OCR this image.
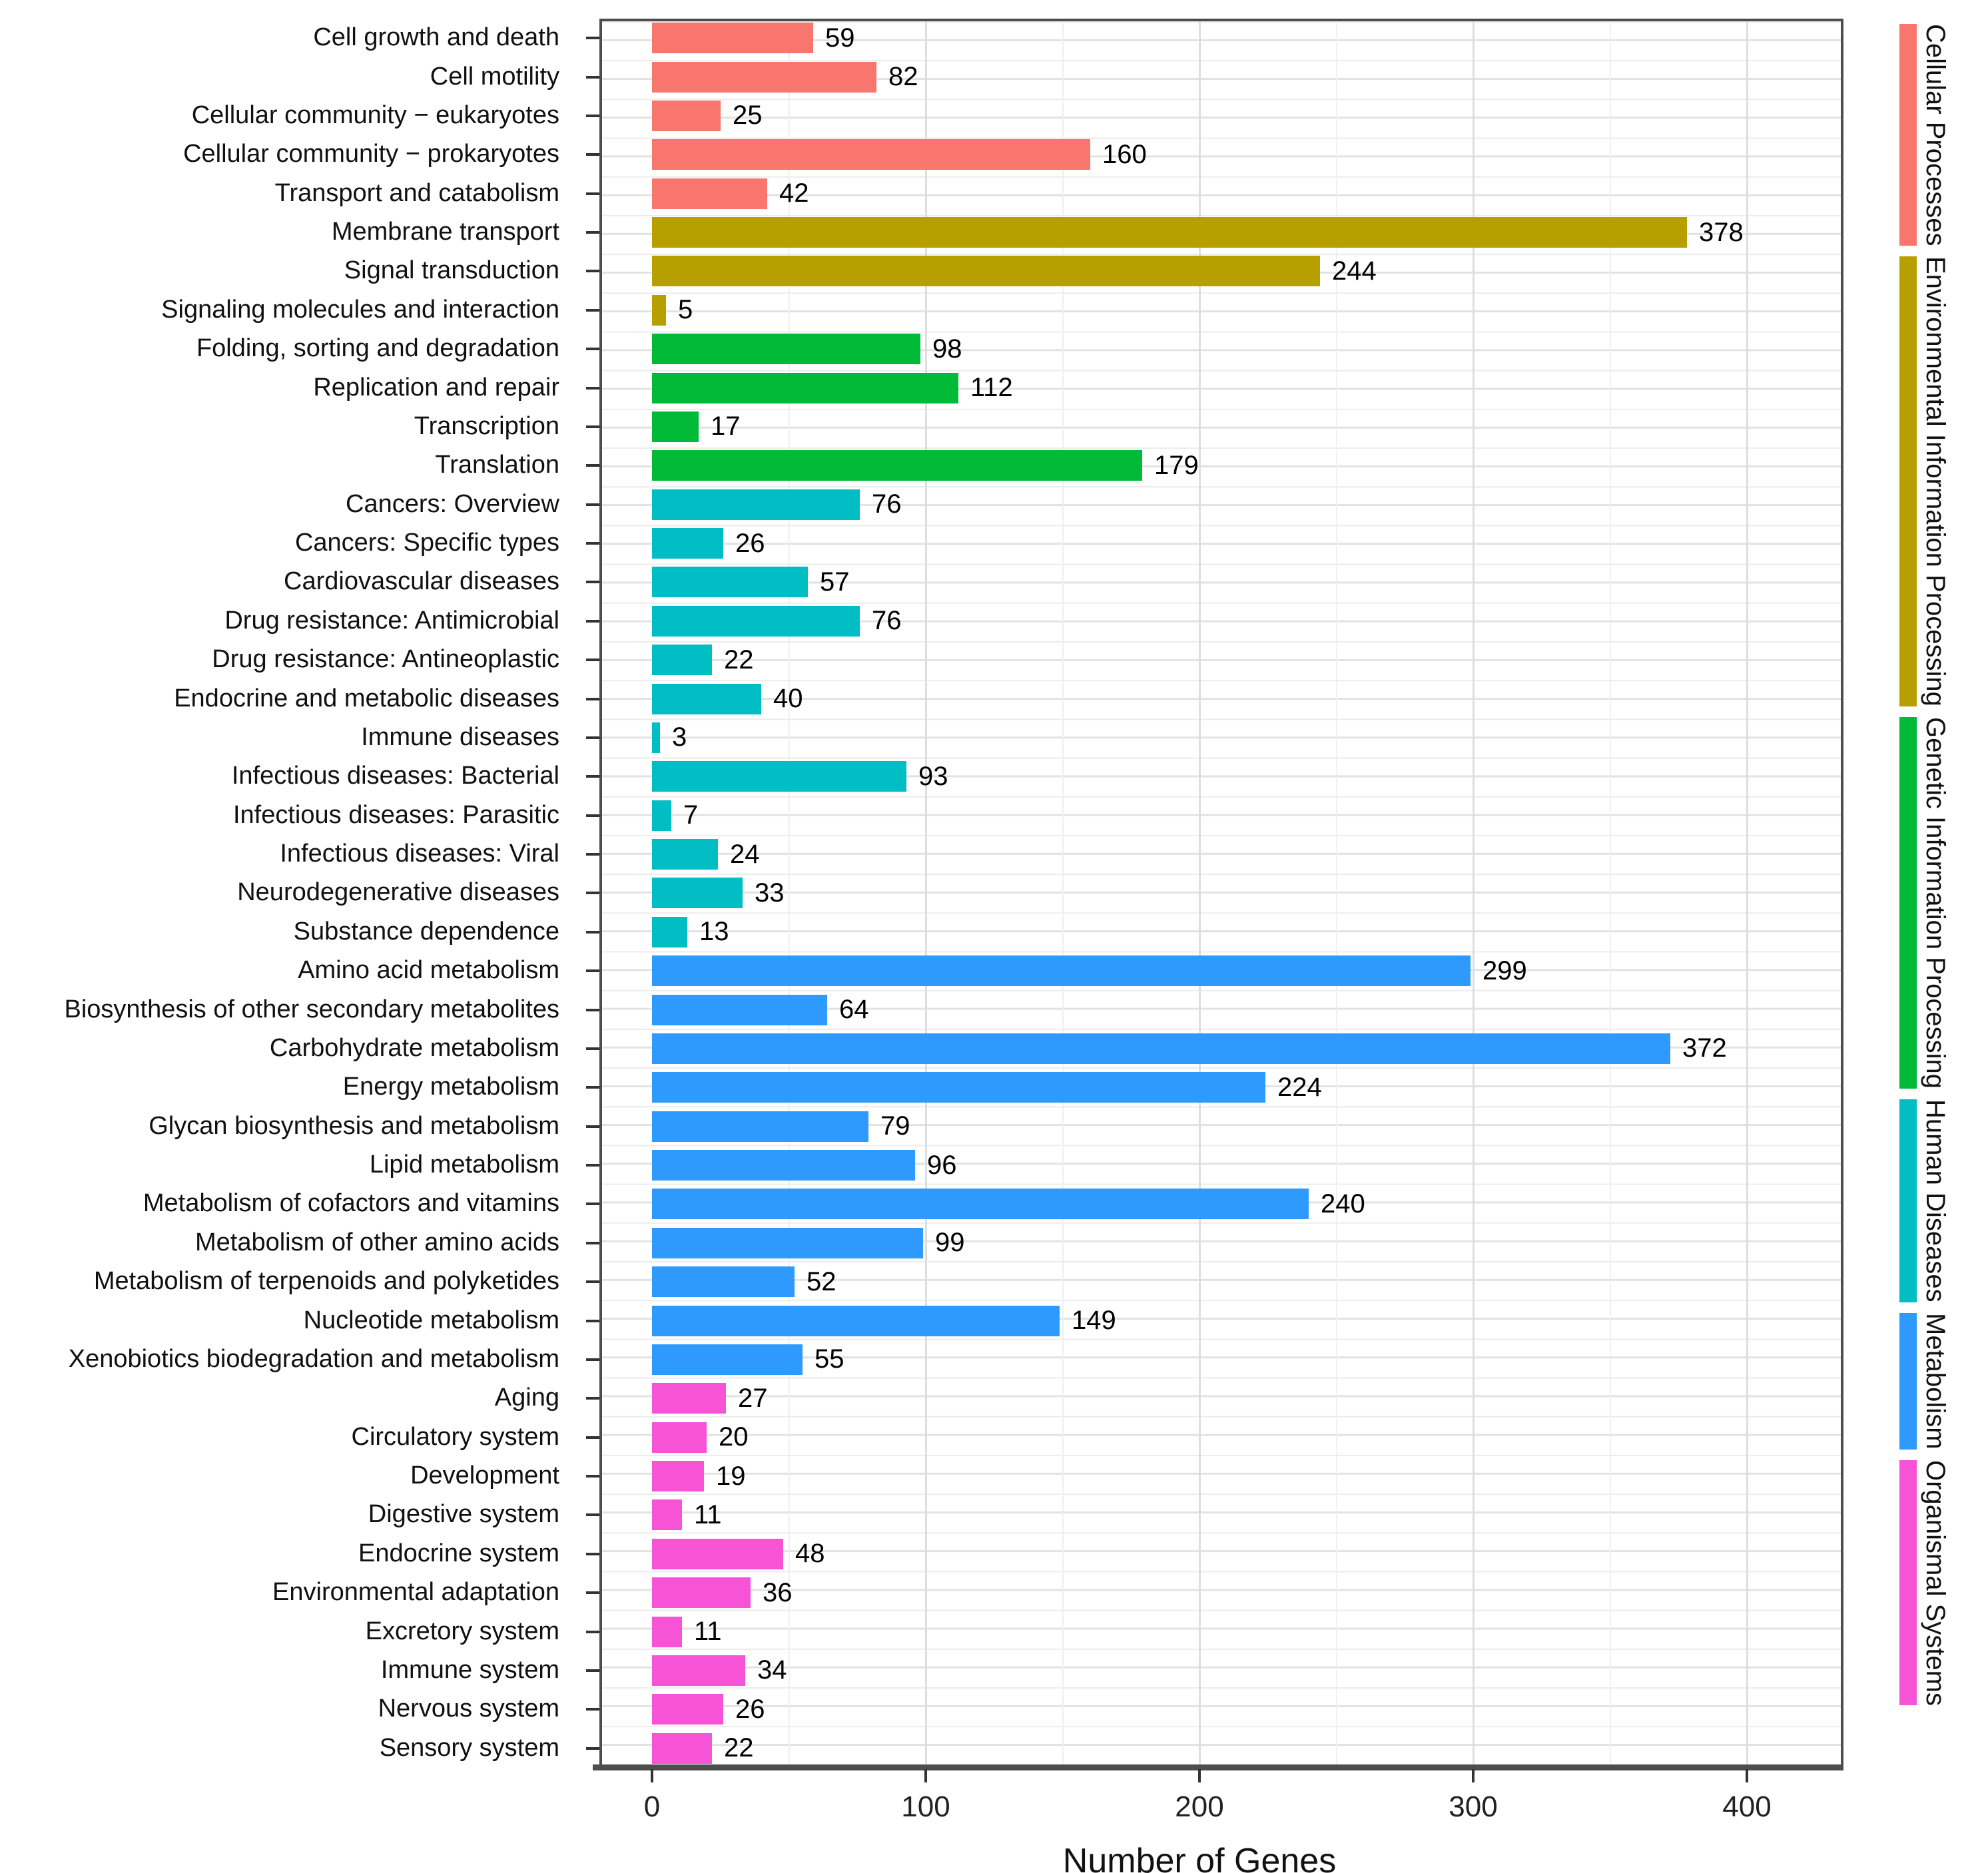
Cell growth and death	59
Cell motility	82
Cellular community − eukaryotes	25
Cellular community − prokaryotes	160
Transport and catabolism	42
Membrane transport	378
Signal transduction	244
Signaling molecules and interaction	5
Folding, sorting and degradation	98
Replication and repair	112
Transcription	17
Translation	179
Cancers: Overview	76
Cancers: Specific types	26
Cardiovascular diseases	57
Drug resistance: Antimicrobial	76
Drug resistance: Antineoplastic	22
Endocrine and metabolic diseases	40
Immune diseases	3
Infectious diseases: Bacterial	93
Infectious diseases: Parasitic	7
Infectious diseases: Viral	24
Neurodegenerative diseases	33
Substance dependence	13
Amino acid metabolism	299
Biosynthesis of other secondary metabolites	64
Carbohydrate metabolism	372
Energy metabolism	224
Glycan biosynthesis and metabolism	79
Lipid metabolism	96
Metabolism of cofactors and vitamins	240
Metabolism of other amino acids	99
Metabolism of terpenoids and polyketides	52
Nucleotide metabolism	149
Xenobiotics biodegradation and metabolism	55
Aging	27
Circulatory system	20
Development	19
Digestive system	11
Endocrine system	48
Environmental adaptation	36
Excretory system	11
Immune system	34
Nervous system	26
Sensory system	22
0	100	200	300	400
Number of Genes
Cellular Processes
Environmental Information Processing
Genetic Information Processing
Human Diseases
Metabolism
Organismal Systems
